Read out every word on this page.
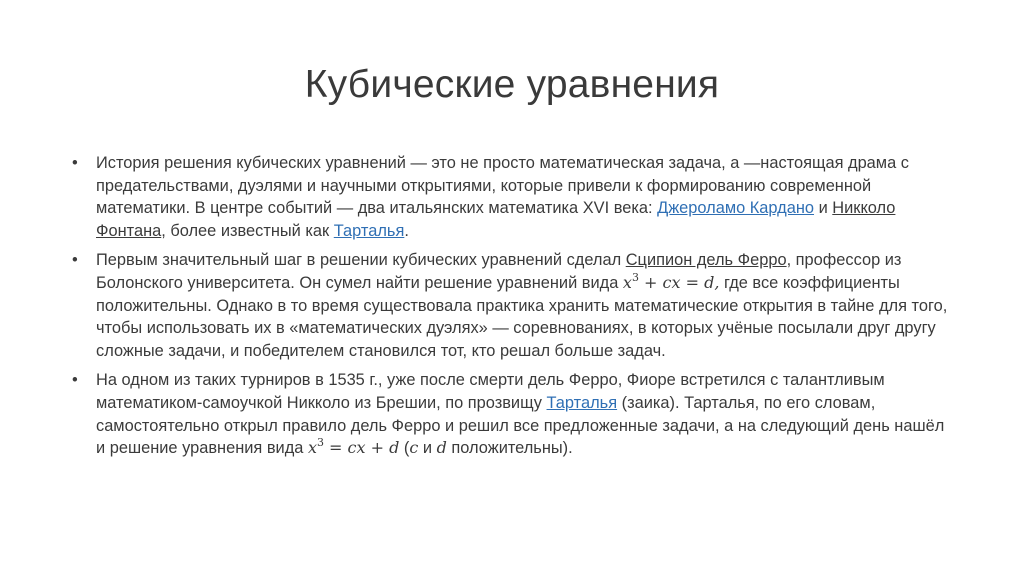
Кубические уравнения
•	История решения кубических уравнений — это не просто математическая задача, а —настоящая драма с предательствами, дуэлями и научными открытиями, которые привели к формированию современной математики. В центре событий — два итальянских математика XVI века: Джероламо Кардано и Никколо Фонтана, более известный как Тарталья.
•	Первым значительный шаг в решении кубических уравнений сделал Сципион дель Ферро, профессор из Болонского университета. Он сумел найти решение уравнений вида $x^3$ + cx = d, где все коэффициенты положительны. Однако в то время существовала практика хранить математические открытия в тайне для того, чтобы использовать их в «математических дуэлях» — соревнованиях, в которых учёные посылали друг другу сложные задачи, и победителем становился тот, кто решал больше задач.
•	На одном из таких турниров в 1535 г., уже после смерти дель Ферро, Фиоре встретился с талантливым математиком-самоучкой Никколо из Брешии, по прозвищу Тарталья (заика). Тарталья, по его словам, самостоятельно открыл правило дель Ферро и решил все предложенные задачи, а на следующий день нашёл и решение уравнения вида $x^3$ = cx + d (c и d положительны).
